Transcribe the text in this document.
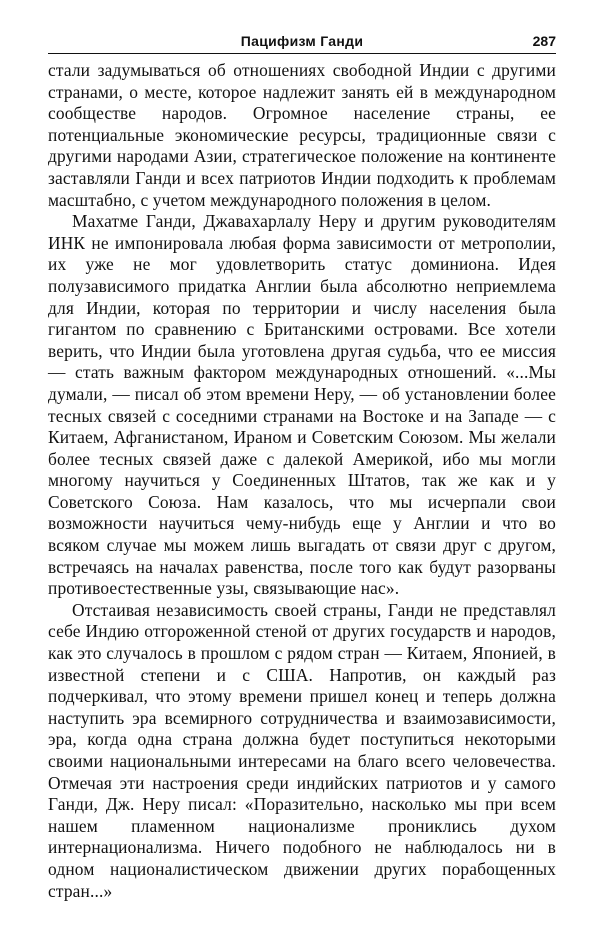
Пацифизм Ганди	287

стали задумываться об отношениях свободной Индии с другими странами, о месте, которое надлежит занять ей в международном сообществе народов. Огромное население страны, ее потенциальные экономические ресурсы, традиционные связи с другими народами Азии, стратегическое положение на континенте заставляли Ганди и всех патриотов Индии подходить к проблемам масштабно, с учетом международного положения в целом.

Махатме Ганди, Джавахарлалу Неру и другим руководителям ИНК не импонировала любая форма зависимости от метрополии, их уже не мог удовлетворить статус доминиона. Идея полузависимого придатка Англии была абсолютно неприемлема для Индии, которая по территории и числу населения была гигантом по сравнению с Британскими островами. Все хотели верить, что Индии была уготовлена другая судьба, что ее миссия — стать важным фактором международных отношений. «...Мы думали, — писал об этом времени Неру, — об установлении более тесных связей с соседними странами на Востоке и на Западе — с Китаем, Афганистаном, Ираном и Советским Союзом. Мы желали более тесных связей даже с далекой Америкой, ибо мы могли многому научиться у Соединенных Штатов, так же как и у Советского Союза. Нам казалось, что мы исчерпали свои возможности научиться чему-нибудь еще у Англии и что во всяком случае мы можем лишь выгадать от связи друг с другом, встречаясь на началах равенства, после того как будут разорваны противоестественные узы, связывающие нас».

Отстаивая независимость своей страны, Ганди не представлял себе Индию отгороженной стеной от других государств и народов, как это случалось в прошлом с рядом стран — Китаем, Японией, в известной степени и с США. Напротив, он каждый раз подчеркивал, что этому времени пришел конец и теперь должна наступить эра всемирного сотрудничества и взаимозависимости, эра, когда одна страна должна будет поступиться некоторыми своими национальными интересами на благо всего человечества. Отмечая эти настроения среди индийских патриотов и у самого Ганди, Дж. Неру писал: «Поразительно, насколько мы при всем нашем пламенном национализме прониклись духом интернационализма. Ничего подобного не наблюдалось ни в одном националистическом движении других порабощенных стран...»
